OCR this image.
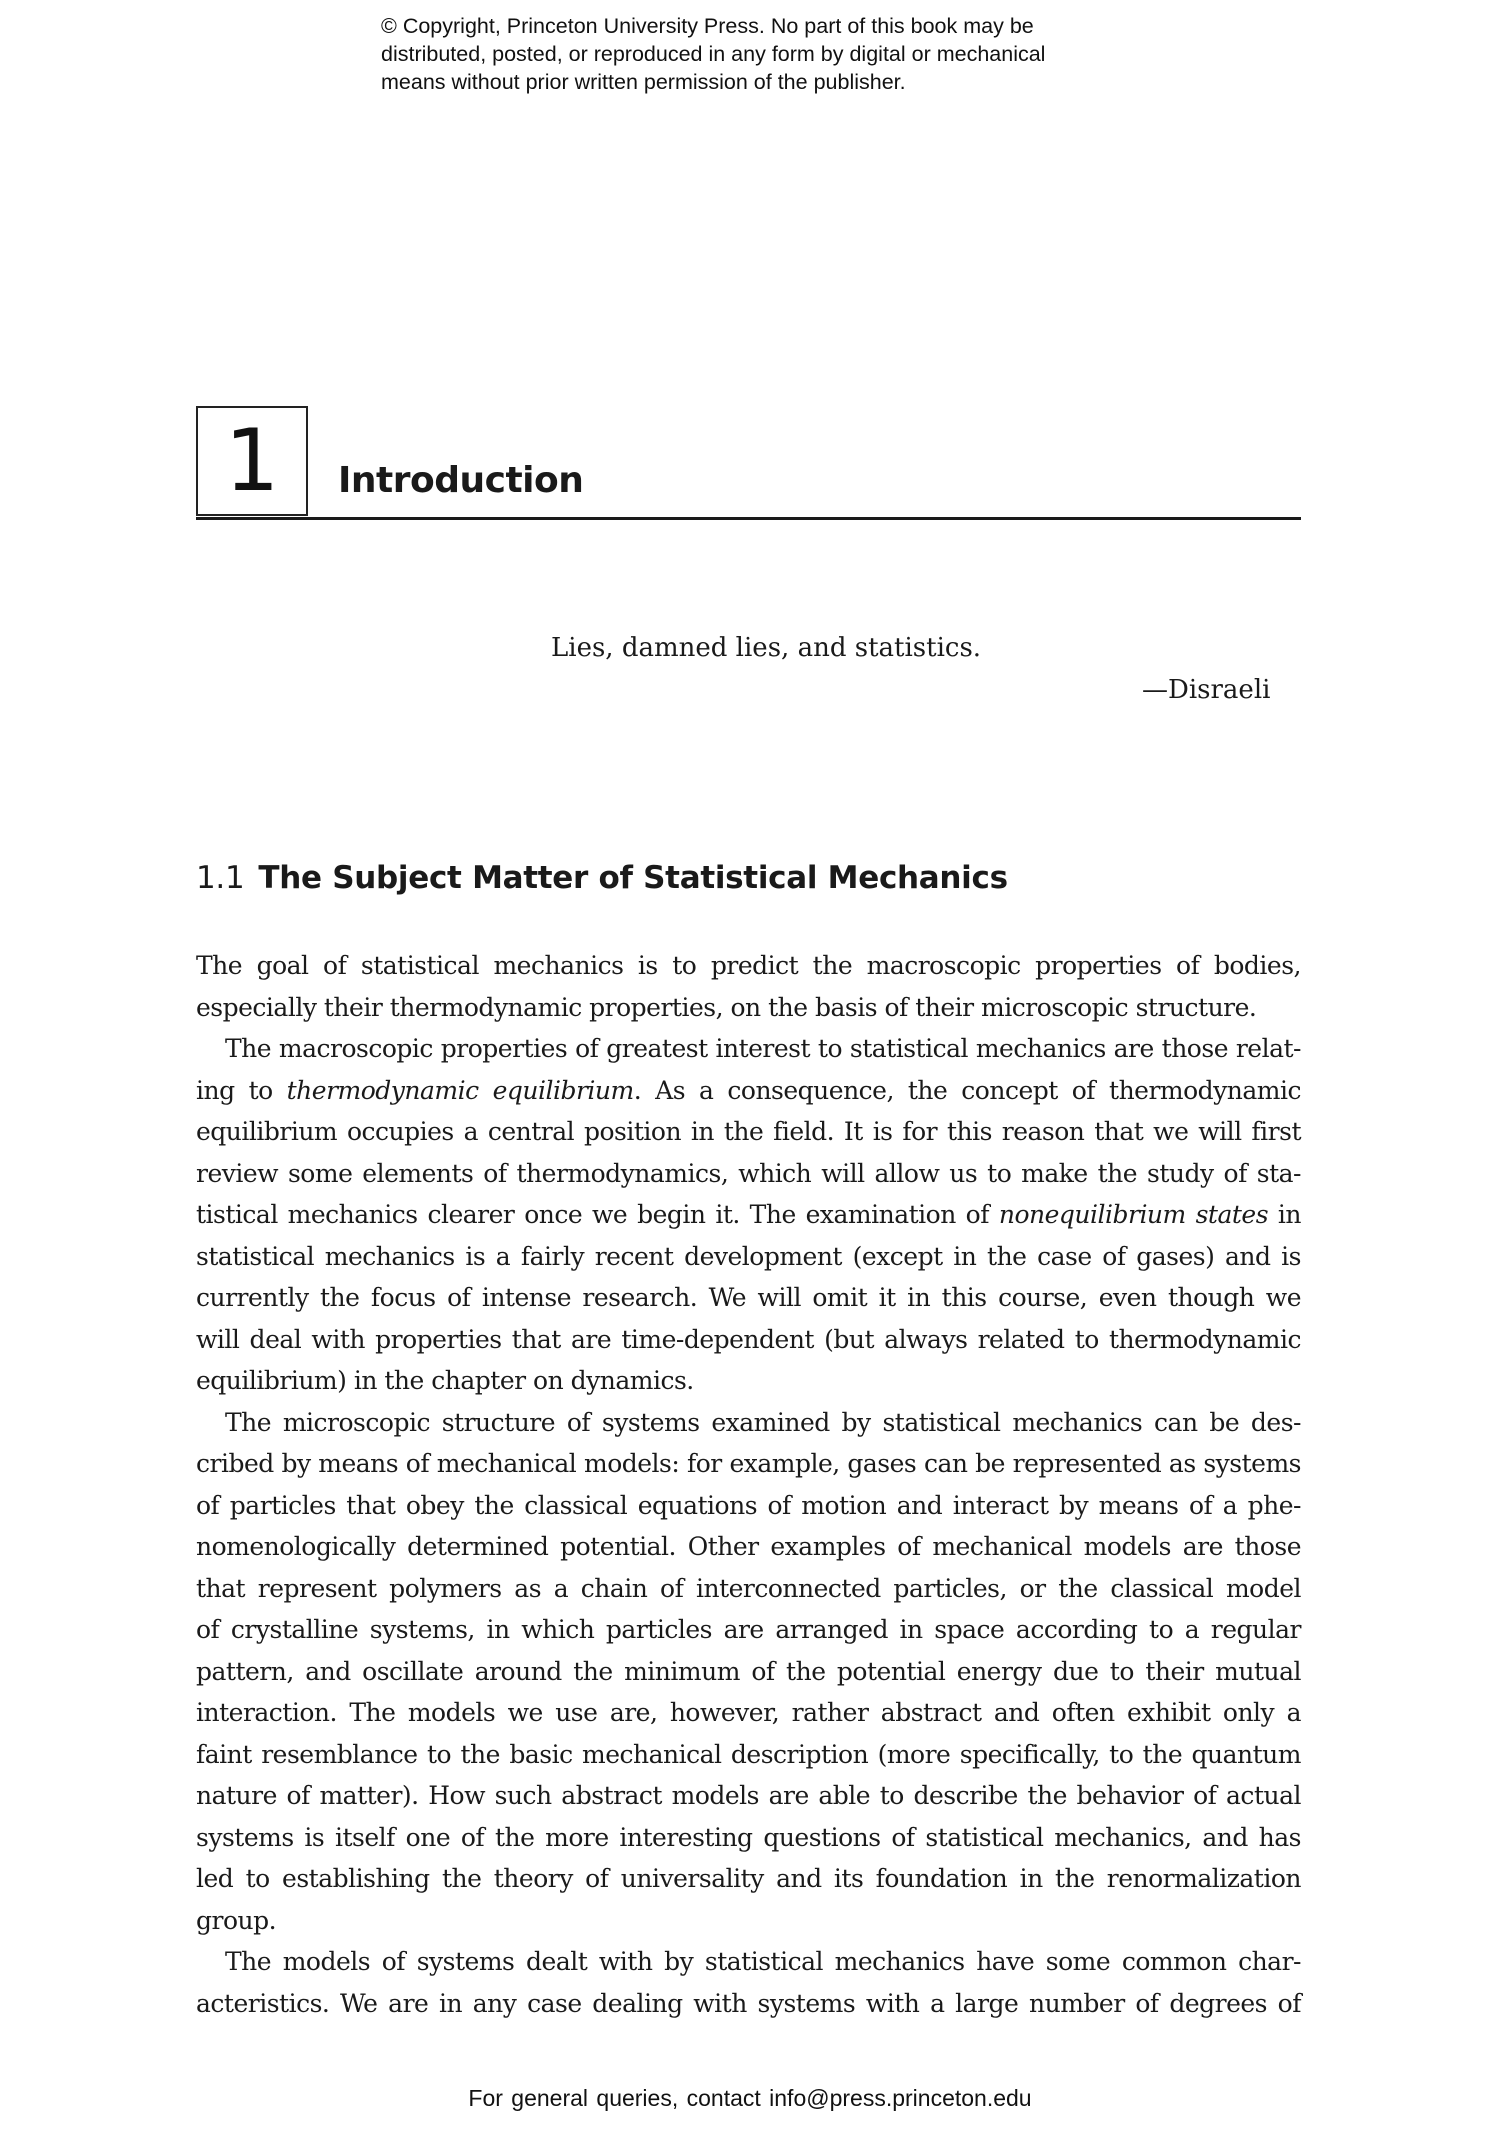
© Copyright, Princeton University Press. No part of this book may be
distributed, posted, or reproduced in any form by digital or mechanical
means without prior written permission of the publisher.
1	Introduction
Lies, damned lies, and statistics.
—Disraeli
1.1 The Subject Matter of Statistical Mechanics
The goal of statistical mechanics is to predict the macroscopic properties of bodies,
especially their thermodynamic properties, on the basis of their microscopic structure.
The macroscopic properties of greatest interest to statistical mechanics are those relat-
ing to thermodynamic equilibrium. As a consequence, the concept of thermodynamic
equilibrium occupies a central position in the field. It is for this reason that we will first
review some elements of thermodynamics, which will allow us to make the study of sta-
tistical mechanics clearer once we begin it. The examination of nonequilibrium states in
statistical mechanics is a fairly recent development (except in the case of gases) and is
currently the focus of intense research. We will omit it in this course, even though we
will deal with properties that are time-dependent (but always related to thermodynamic
equilibrium) in the chapter on dynamics.
The microscopic structure of systems examined by statistical mechanics can be des-
cribed by means of mechanical models: for example, gases can be represented as systems
of particles that obey the classical equations of motion and interact by means of a phe-
nomenologically determined potential. Other examples of mechanical models are those
that represent polymers as a chain of interconnected particles, or the classical model
of crystalline systems, in which particles are arranged in space according to a regular
pattern, and oscillate around the minimum of the potential energy due to their mutual
interaction. The models we use are, however, rather abstract and often exhibit only a
faint resemblance to the basic mechanical description (more specifically, to the quantum
nature of matter). How such abstract models are able to describe the behavior of actual
systems is itself one of the more interesting questions of statistical mechanics, and has
led to establishing the theory of universality and its foundation in the renormalization
group.
The models of systems dealt with by statistical mechanics have some common char-
acteristics. We are in any case dealing with systems with a large number of degrees of
For general queries, contact info@press.princeton.edu
